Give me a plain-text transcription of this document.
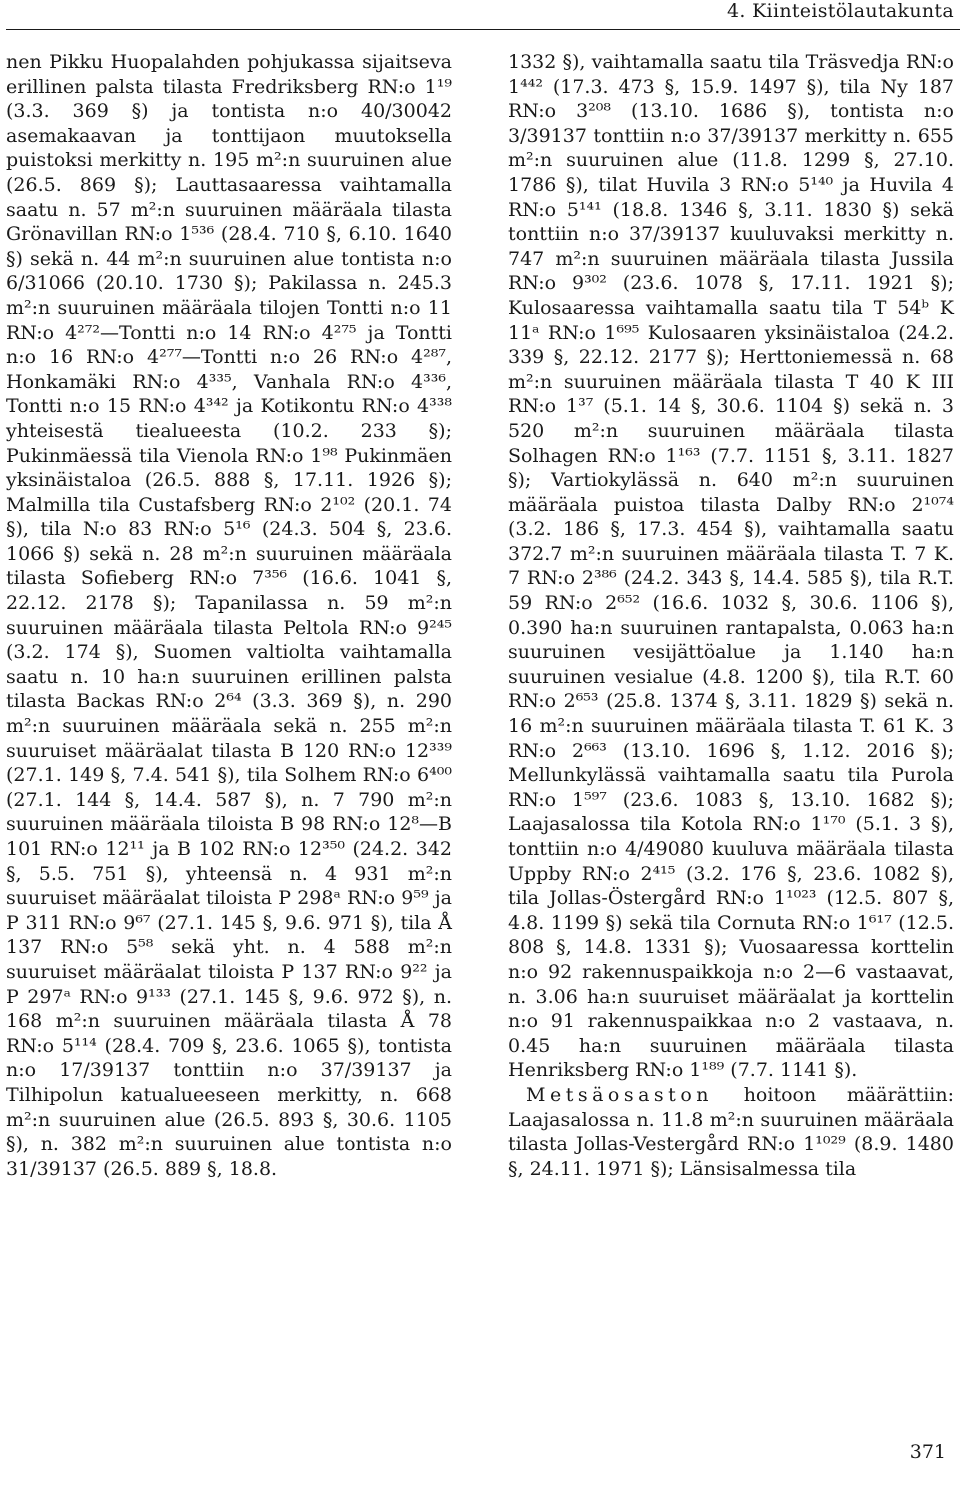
4. Kiinteistölautakunta

nen Pikku Huopalahden pohjukassa sijaitseva erillinen palsta tilasta Fredriksberg RN:o 1¹⁹ (3.3. 369 §) ja tontista n:o 40/30042 asemakaavan ja tonttijaon muutoksella puistoksi merkitty n. 195 m²:n suuruinen alue (26.5. 869 §); Lauttasaaressa vaihtamalla saatu n. 57 m²:n suuruinen määräala tilasta Grönavillan RN:o 1⁵³⁶ (28.4. 710 §, 6.10. 1640 §) sekä n. 44 m²:n suuruinen alue tontista n:o 6/31066 (20.10. 1730 §); Pakilassa n. 245.3 m²:n suuruinen määräala tilojen Tontti n:o 11 RN:o 4²⁷²—Tontti n:o 14 RN:o 4²⁷⁵ ja Tontti n:o 16 RN:o 4²⁷⁷—Tontti n:o 26 RN:o 4²⁸⁷, Honkamäki RN:o 4³³⁵, Vanhala RN:o 4³³⁶, Tontti n:o 15 RN:o 4³⁴² ja Kotikontu RN:o 4³³⁸ yhteisestä tiealueesta (10.2. 233 §); Pukinmäessä tila Vienola RN:o 1⁹⁸ Pukinmäen yksinäistaloa (26.5. 888 §, 17.11. 1926 §); Malmilla tila Custafsberg RN:o 2¹⁰² (20.1. 74 §), tila N:o 83 RN:o 5¹⁶ (24.3. 504 §, 23.6. 1066 §) sekä n. 28 m²:n suuruinen määräala tilasta Sofieberg RN:o 7³⁵⁶ (16.6. 1041 §, 22.12. 2178 §); Tapanilassa n. 59 m²:n suuruinen määräala tilasta Peltola RN:o 9²⁴⁵ (3.2. 174 §), Suomen valtiolta vaihtamalla saatu n. 10 ha:n suuruinen erillinen palsta tilasta Backas RN:o 2⁶⁴ (3.3. 369 §), n. 290 m²:n suuruinen määräala sekä n. 255 m²:n suuruiset määräalat tilasta B 120 RN:o 12³³⁹ (27.1. 149 §, 7.4. 541 §), tila Solhem RN:o 6⁴⁰⁰ (27.1. 144 §, 14.4. 587 §), n. 7 790 m²:n suuruinen määräala tiloista B 98 RN:o 12⁸—B 101 RN:o 12¹¹ ja B 102 RN:o 12³⁵⁰ (24.2. 342 §, 5.5. 751 §), yhteensä n. 4 931 m²:n suuruiset määräalat tiloista P 298ᵃ RN:o 9⁵⁹ ja P 311 RN:o 9⁶⁷ (27.1. 145 §, 9.6. 971 §), tila Å 137 RN:o 5⁵⁸ sekä yht. n. 4 588 m²:n suuruiset määräalat tiloista P 137 RN:o 9²² ja P 297ᵃ RN:o 9¹³³ (27.1. 145 §, 9.6. 972 §), n. 168 m²:n suuruinen määräala tilasta Å 78 RN:o 5¹¹⁴ (28.4. 709 §, 23.6. 1065 §), tontista n:o 17/39137 tonttiin n:o 37/39137 ja Tilhipolun katualueeseen merkitty, n. 668 m²:n suuruinen alue (26.5. 893 §, 30.6. 1105 §), n. 382 m²:n suuruinen alue tontista n:o 31/39137 (26.5. 889 §, 18.8.

1332 §), vaihtamalla saatu tila Träsvedja RN:o 1⁴⁴² (17.3. 473 §, 15.9. 1497 §), tila Ny 187 RN:o 3²⁰⁸ (13.10. 1686 §), tontista n:o 3/39137 tonttiin n:o 37/39137 merkitty n. 655 m²:n suuruinen alue (11.8. 1299 §, 27.10. 1786 §), tilat Huvila 3 RN:o 5¹⁴⁰ ja Huvila 4 RN:o 5¹⁴¹ (18.8. 1346 §, 3.11. 1830 §) sekä tonttiin n:o 37/39137 kuuluvaksi merkitty n. 747 m²:n suuruinen määräala tilasta Jussila RN:o 9³⁰² (23.6. 1078 §, 17.11. 1921 §); Kulosaaressa vaihtamalla saatu tila T 54ᵇ K 11ᵃ RN:o 1⁶⁹⁵ Kulosaaren yksinäistaloa (24.2. 339 §, 22.12. 2177 §); Herttoniemessä n. 68 m²:n suuruinen määräala tilasta T 40 K III RN:o 1³⁷ (5.1. 14 §, 30.6. 1104 §) sekä n. 3 520 m²:n suuruinen määräala tilasta Solhagen RN:o 1¹⁶³ (7.7. 1151 §, 3.11. 1827 §); Vartiokylässä n. 640 m²:n suuruinen määräala puistoa tilasta Dalby RN:o 2¹⁰⁷⁴ (3.2. 186 §, 17.3. 454 §), vaihtamalla saatu 372.7 m²:n suuruinen määräala tilasta T. 7 K. 7 RN:o 2³⁸⁶ (24.2. 343 §, 14.4. 585 §), tila R.T. 59 RN:o 2⁶⁵² (16.6. 1032 §, 30.6. 1106 §), 0.390 ha:n suuruinen rantapalsta, 0.063 ha:n suuruinen vesijättöalue ja 1.140 ha:n suuruinen vesialue (4.8. 1200 §), tila R.T. 60 RN:o 2⁶⁵³ (25.8. 1374 §, 3.11. 1829 §) sekä n. 16 m²:n suuruinen määräala tilasta T. 61 K. 3 RN:o 2⁶⁶³ (13.10. 1696 §, 1.12. 2016 §); Mellunkylässä vaihtamalla saatu tila Purola RN:o 1⁵⁹⁷ (23.6. 1083 §, 13.10. 1682 §); Laajasalossa tila Kotola RN:o 1¹⁷⁰ (5.1. 3 §), tonttiin n:o 4/49080 kuuluva määräala tilasta Uppby RN:o 2⁴¹⁵ (3.2. 176 §, 23.6. 1082 §), tila Jollas-Östergård RN:o 1¹⁰²³ (12.5. 807 §, 4.8. 1199 §) sekä tila Cornuta RN:o 1⁶¹⁷ (12.5. 808 §, 14.8. 1331 §); Vuosaaressa korttelin n:o 92 rakennuspaikkoja n:o 2—6 vastaavat, n. 3.06 ha:n suuruiset määräalat ja korttelin n:o 91 rakennuspaikkaa n:o 2 vastaava, n. 0.45 ha:n suuruinen määräala tilasta Henriksberg RN:o 1¹⁸⁹ (7.7. 1141 §).

Metsäosaston hoitoon määrättiin: Laajasalossa n. 11.8 m²:n suuruinen määräala tilasta Jollas-Vestergård RN:o 1¹⁰²⁹ (8.9. 1480 §, 24.11. 1971 §); Länsisalmessa tila

371
